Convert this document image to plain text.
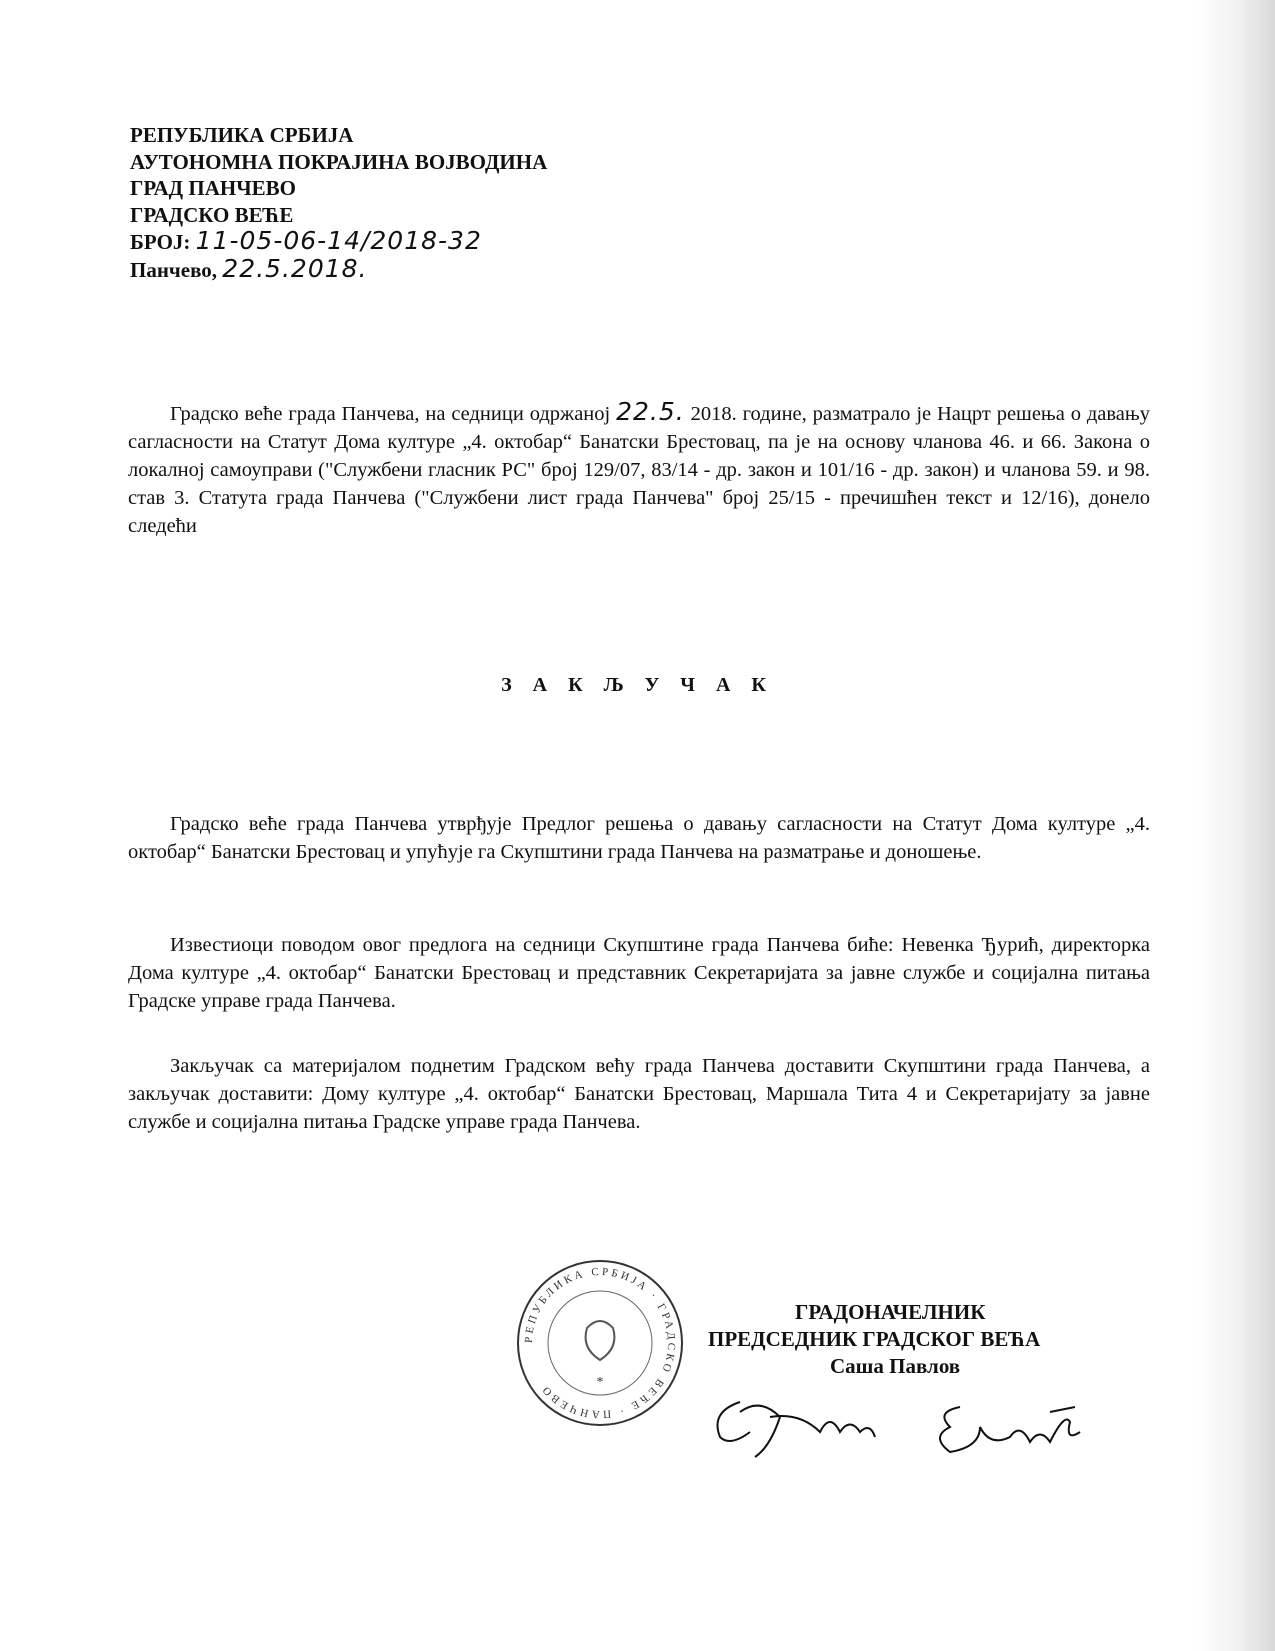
РЕПУБЛИКА СРБИЈА
АУТОНОМНА ПОКРАЈИНА ВОЈВОДИНА
ГРАД ПАНЧЕВО
ГРАДСКО ВЕЋЕ
БРОЈ: 11-05-06-14/2018-32
Панчево, 22.5.2018.

Градско веће града Панчева, на седници одржаној 22.5. 2018. године, разматрало је Нацрт решења о давању сагласности на Статут Дома културе „4. октобар“ Банатски Брестовац, па је на основу чланова 46. и 66. Закона о локалној самоуправи ("Службени гласник РС" број 129/07, 83/14 - др. закон и 101/16 - др. закон) и чланова 59. и 98. став 3. Статута града Панчева ("Службени лист града Панчева" број 25/15 - пречишћен текст и 12/16), донело следећи

З А К Љ У Ч А К

Градско веће града Панчева утврђује Предлог решења о давању сагласности на Статут Дома културе „4. октобар“ Банатски Брестовац и упућује га Скупштини града Панчева на разматрање и доношење.

Известиоци поводом овог предлога на седници Скупштине града Панчева биће: Невенка Ђурић, директорка Дома културе „4. октобар“ Банатски Брестовац и представник Секретаријата за јавне службе и социјална питања Градске управе града Панчева.

Закључак са материјалом поднетим Градском већу града Панчева доставити Скупштини града Панчева, а закључак доставити: Дому културе „4. октобар“ Банатски Брестовац, Маршала Тита 4 и Секретаријату за јавне службе и социјална питања Градске управе града Панчева.

*
РЕПУБЛИКА СРБИЈА · ГРАДСКО ВЕЋЕ · ПАНЧЕВО
ГРАДОНАЧЕЛНИК
ПРЕДСЕДНИК ГРАДСКОГ ВЕЋА
Саша Павлов
